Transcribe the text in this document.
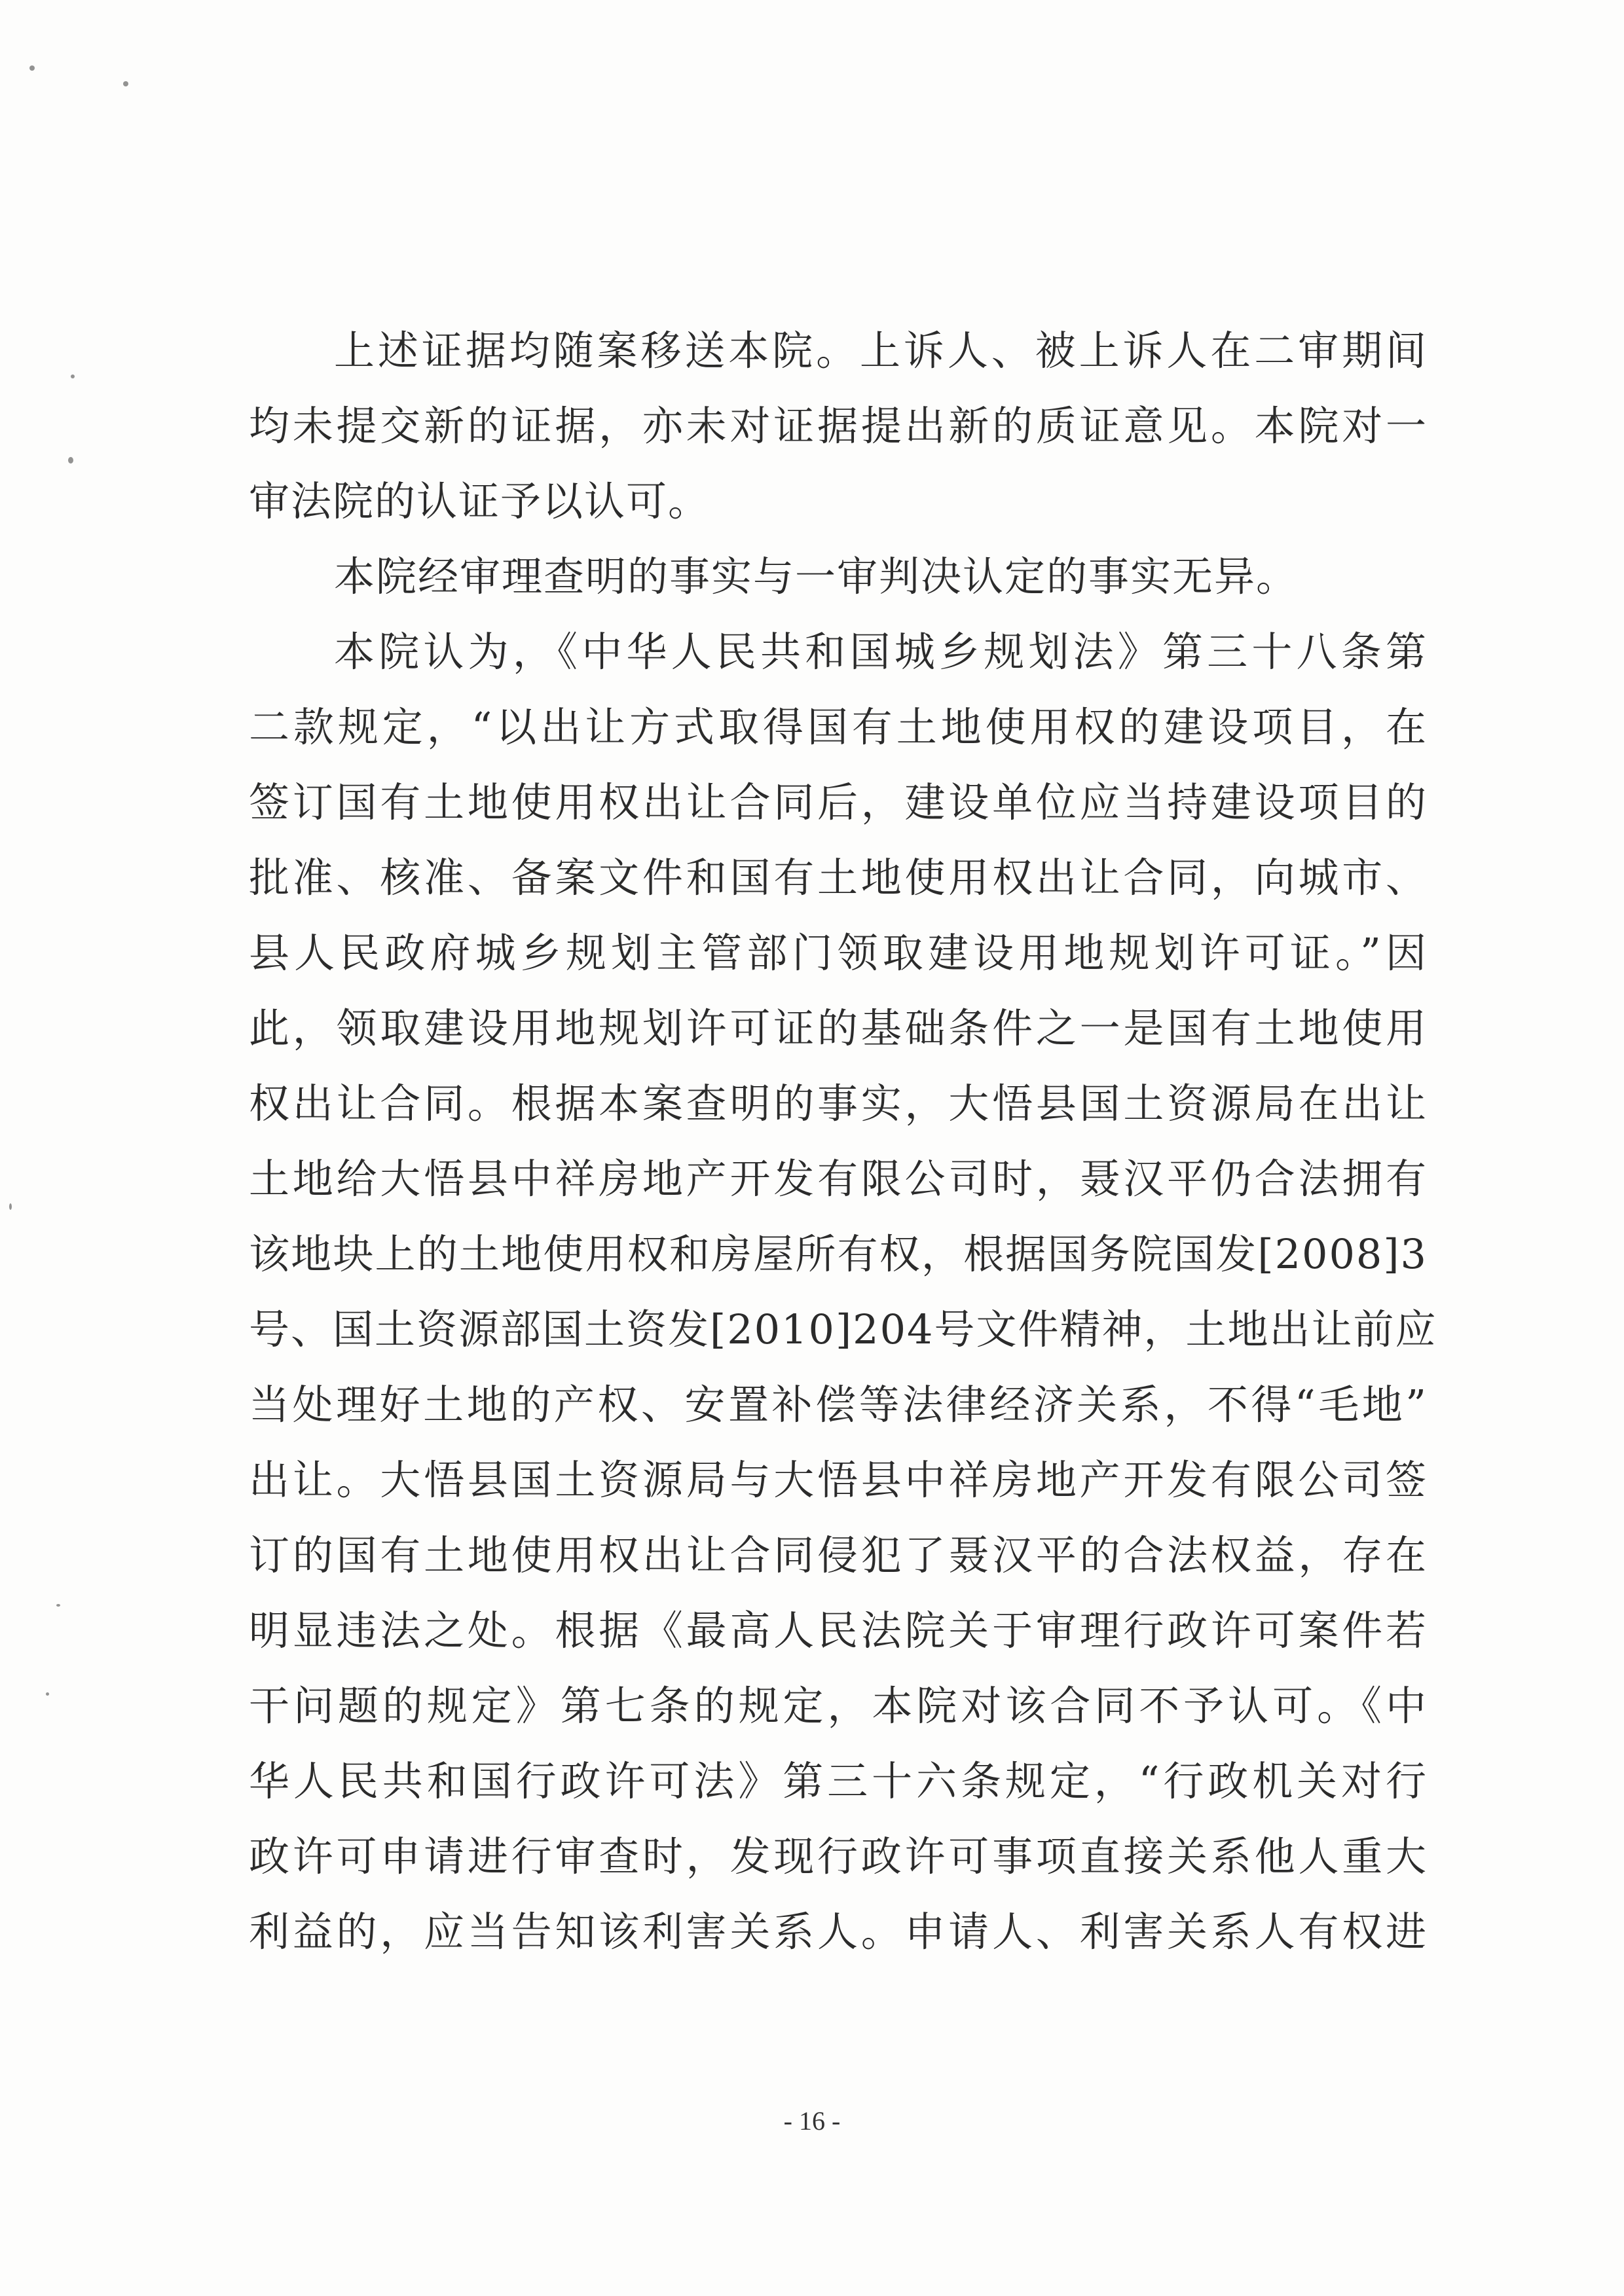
上述证据均随案移送本院。上诉人、被上诉人在二审期间
均未提交新的证据，亦未对证据提出新的质证意见。本院对一
审法院的认证予以认可。
本院经审理查明的事实与一审判决认定的事实无异。
本院认为，《中华人民共和国城乡规划法》第三十八条第
二款规定，“以出让方式取得国有土地使用权的建设项目，在
签订国有土地使用权出让合同后，建设单位应当持建设项目的
批准、核准、备案文件和国有土地使用权出让合同，向城市、
县人民政府城乡规划主管部门领取建设用地规划许可证。”因
此，领取建设用地规划许可证的基础条件之一是国有土地使用
权出让合同。根据本案查明的事实，大悟县国土资源局在出让
土地给大悟县中祥房地产开发有限公司时，聂汉平仍合法拥有
该地块上的土地使用权和房屋所有权，根据国务院国发[2008]3
号、国土资源部国土资发[2010]204号文件精神，土地出让前应
当处理好土地的产权、安置补偿等法律经济关系，不得“毛地”
出让。大悟县国土资源局与大悟县中祥房地产开发有限公司签
订的国有土地使用权出让合同侵犯了聂汉平的合法权益，存在
明显违法之处。根据《最高人民法院关于审理行政许可案件若
干问题的规定》第七条的规定，本院对该合同不予认可。《中
华人民共和国行政许可法》第三十六条规定，“行政机关对行
政许可申请进行审查时，发现行政许可事项直接关系他人重大
利益的，应当告知该利害关系人。申请人、利害关系人有权进
- 16 -
